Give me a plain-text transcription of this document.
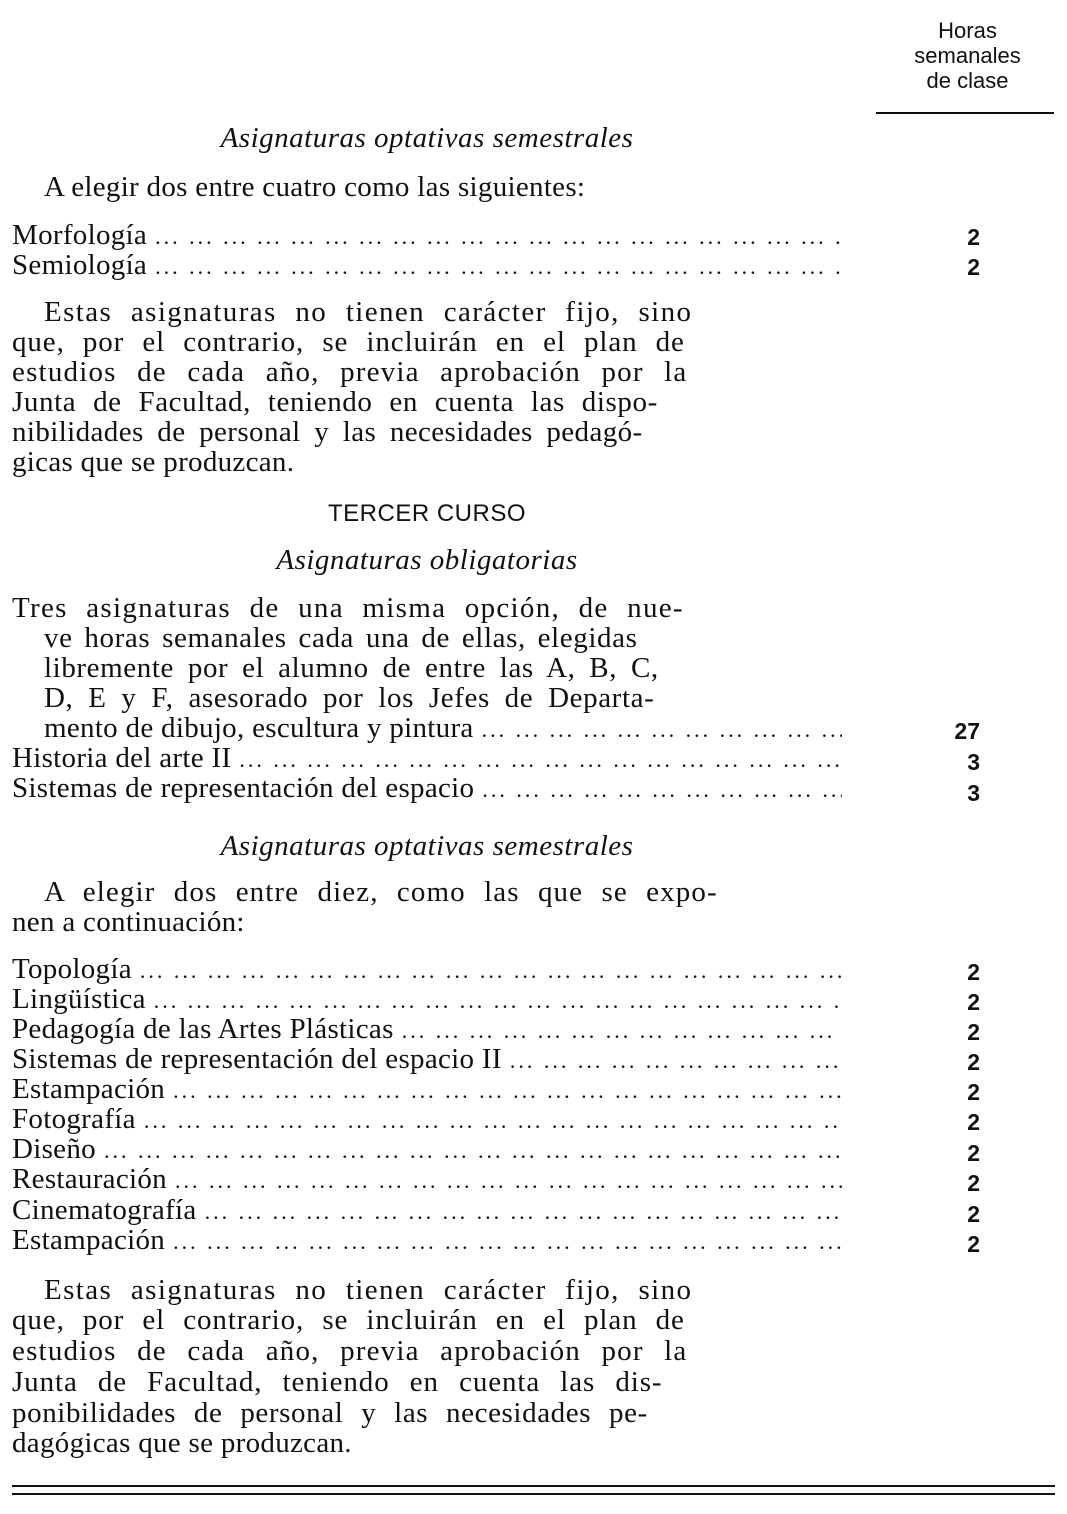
Horas
semanales
de clase
Asignaturas optativas semestrales
A elegir dos entre cuatro como las siguientes:
Morfología ... .	2
Semiología ... .	2
Estas asignaturas no tienen carácter fijo, sino
que, por el contrario, se incluirán en el plan de
estudios de cada año, previa aprobación por la
Junta de Facultad, teniendo en cuenta las dispo-
nibilidades de personal y las necesidades pedagó-
gicas que se produzcan.
TERCER CURSO
Asignaturas obligatorias
Tres asignaturas de una misma opción, de nue-
ve horas semanales cada una de ellas, elegidas
libremente por el alumno de entre las A, B, C,
D, E y F, asesorado por los Jefes de Departa-
mento de dibujo, escultura y pintura ... .	27
Historia del arte II ... .	3
Sistemas de representación del espacio ... .	3
Asignaturas optativas semestrales
A elegir dos entre diez, como las que se expo-
nen a continuación:
Topología ... .	2
Lingüística ... .	2
Pedagogía de las Artes Plásticas ... .	2
Sistemas de representación del espacio II ... .	2
Estampación ... .	2
Fotografía ... .	2
Diseño ... .	2
Restauración ... .	2
Cinematografía ... .	2
Estampación ... .	2
Estas asignaturas no tienen carácter fijo, sino
que, por el contrario, se incluirán en el plan de
estudios de cada año, previa aprobación por la
Junta de Facultad, teniendo en cuenta las dis-
ponibilidades de personal y las necesidades pe-
dagógicas que se produzcan.
